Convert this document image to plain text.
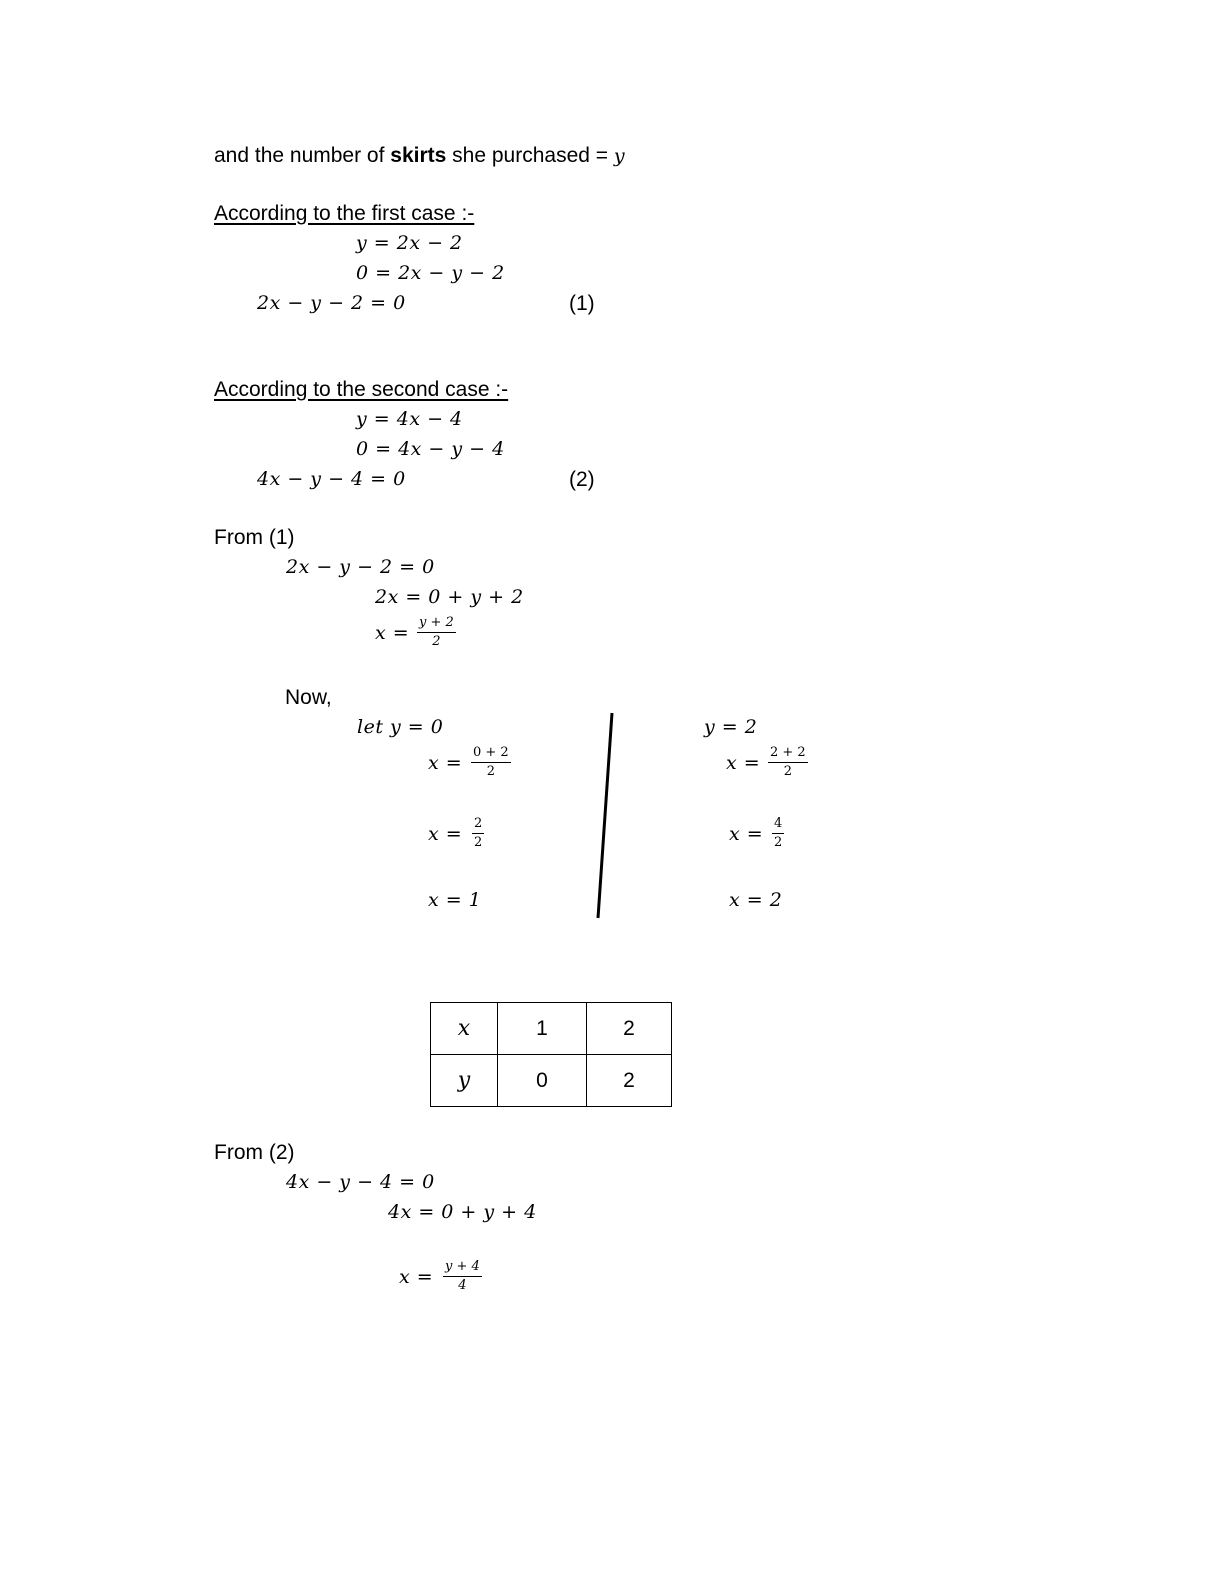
and the number of skirts she purchased = y
According to the first case :-
y = 2x − 2
0 = 2x − y − 2
2x − y − 2 = 0	(1)
According to the second case :-
y = 4x − 4
0 = 4x − y − 4
4x − y − 4 = 0	(2)
From (1)
2x − y − 2 = 0
2x = 0 + y + 2
$x = \frac{y + 2}{2}$
Now,
let y = 0
$x = \frac{0 + 2}{2}$
$x = \frac{2}{2}$
x = 1
y = 2
$x = \frac{2 + 2}{2}$
$x = \frac{4}{2}$
x = 2
x	1	2
y	0	2
From (2)
4x − y − 4 = 0
4x = 0 + y + 4
$x = \frac{y + 4}{4}$
